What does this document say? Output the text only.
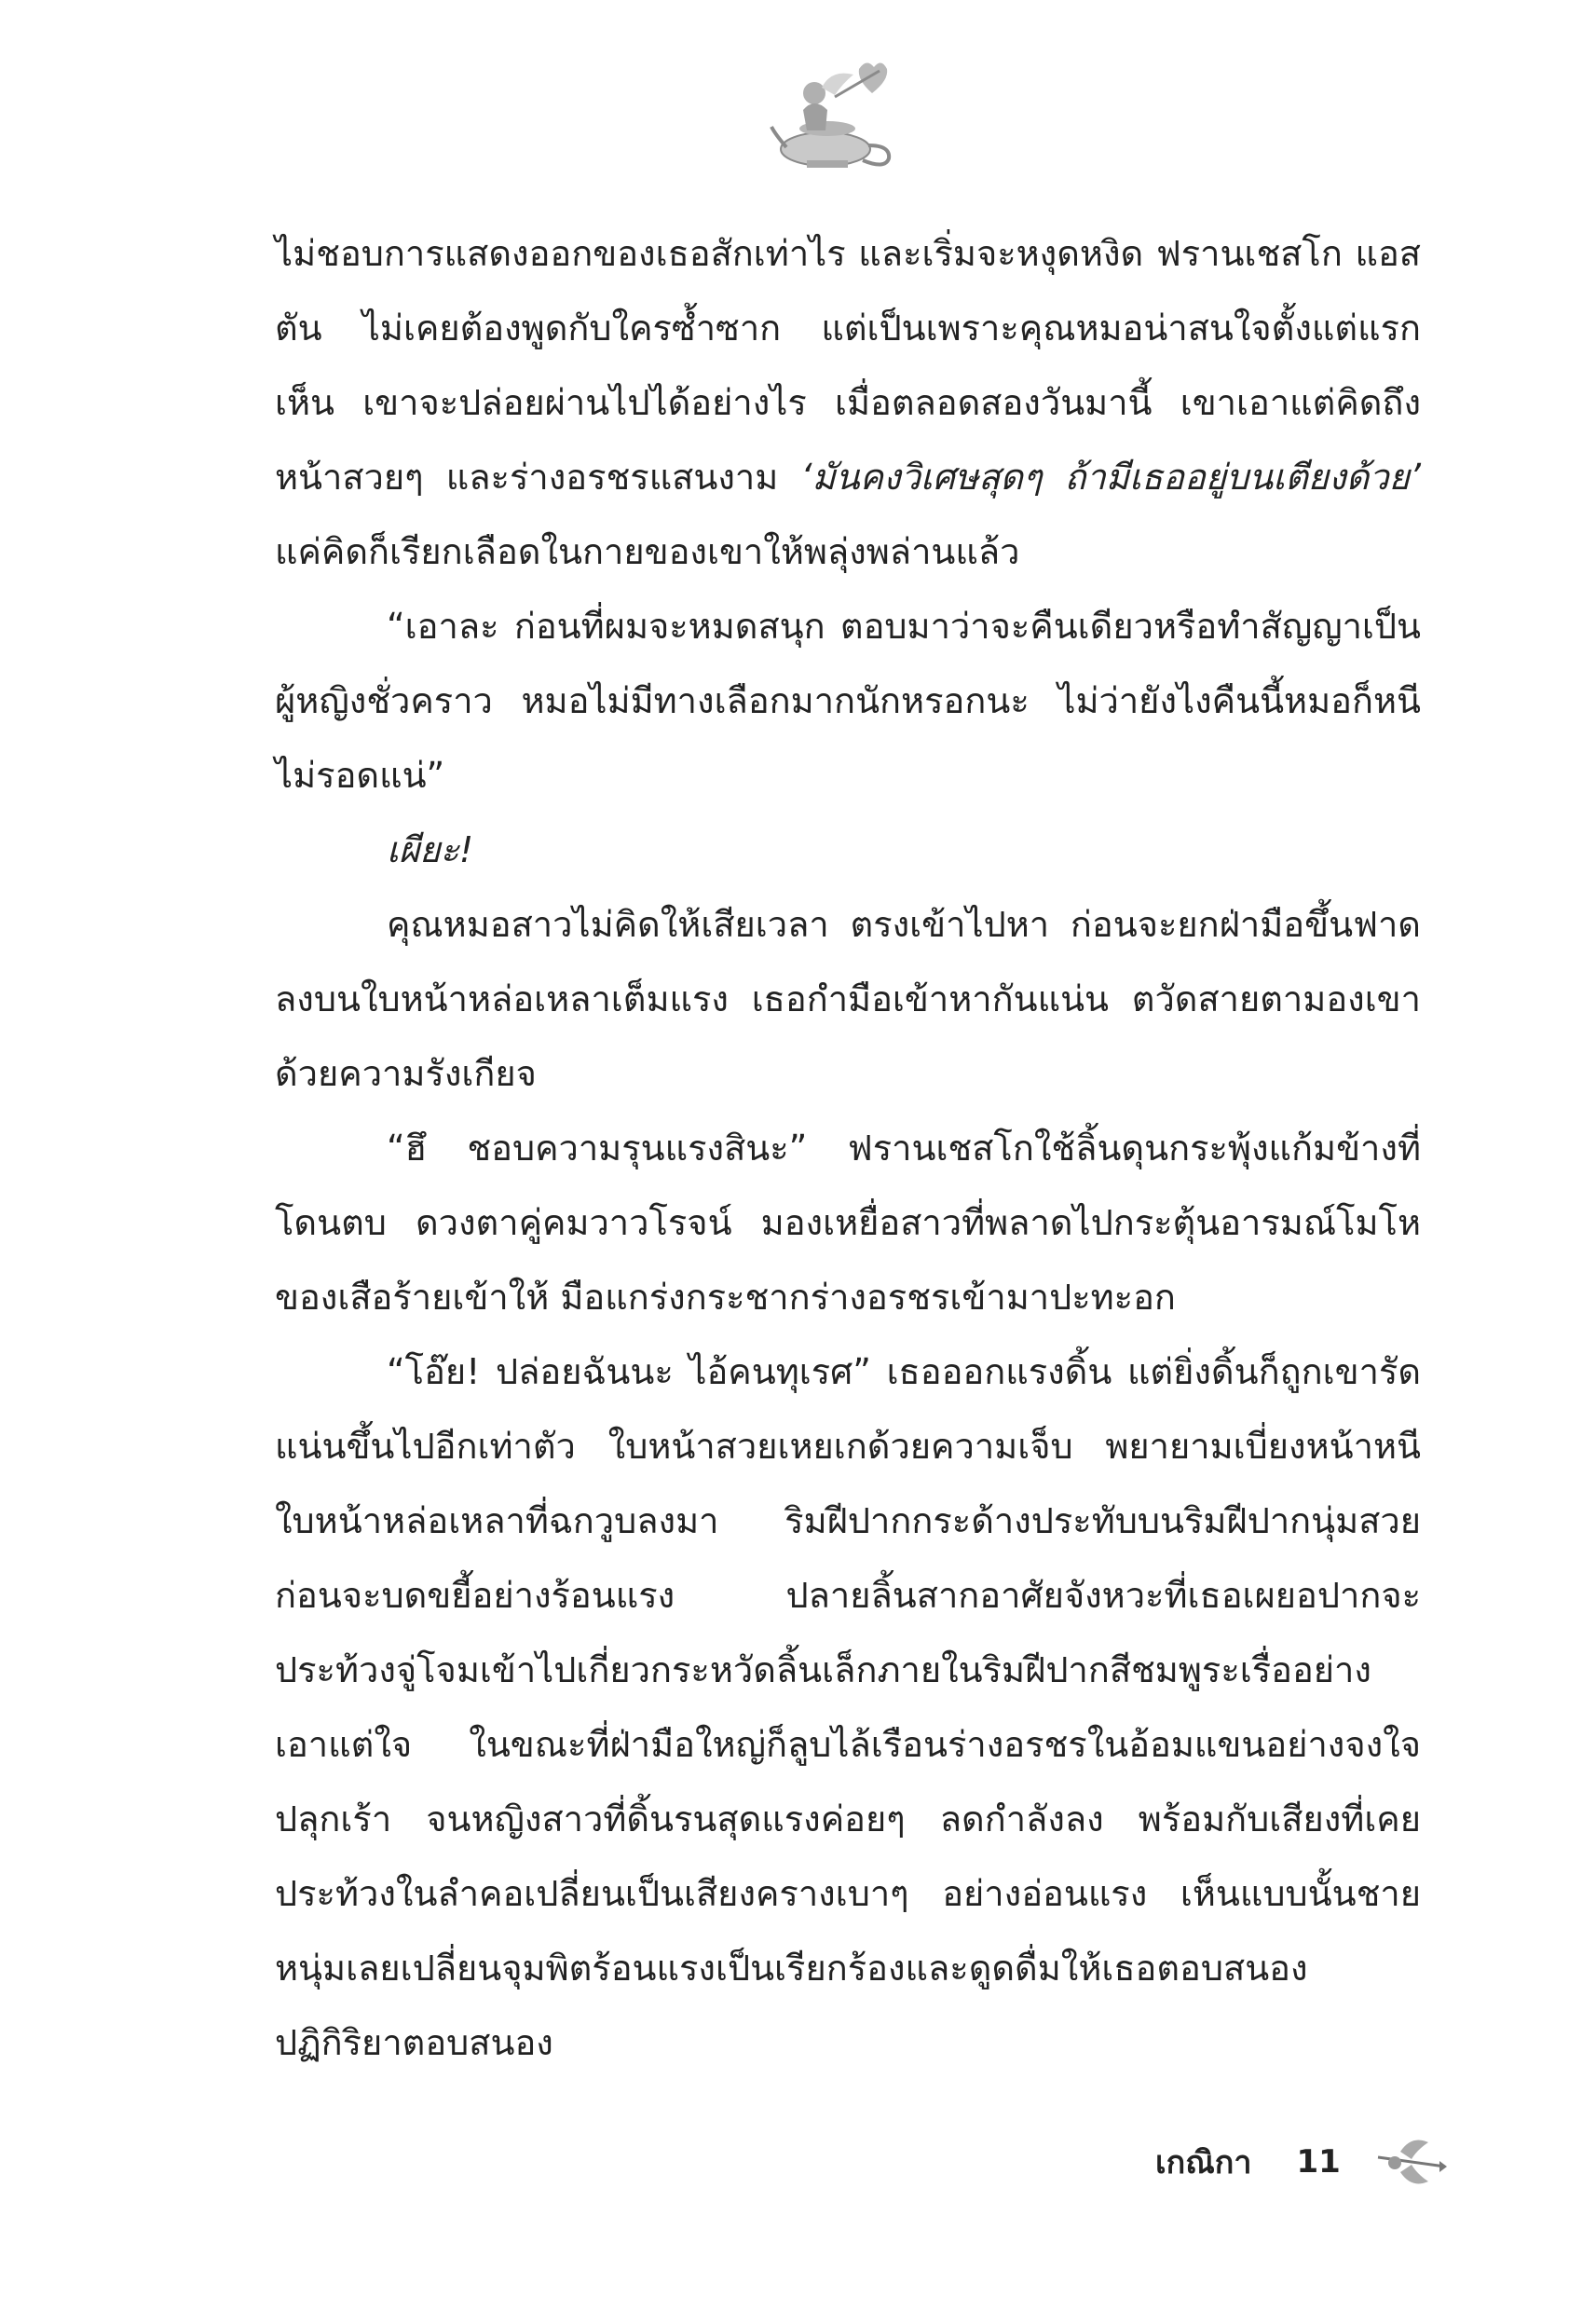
ไม่ชอบการแสดงออกของเธอสักเท่าไร และเริ่มจะหงุดหงิด ฟรานเชสโก แอสตัน ไม่เคยต้องพูดกับใครซ้ำซาก แต่เป็นเพราะคุณหมอน่าสนใจตั้งแต่แรกเห็น เขาจะปล่อยผ่านไปได้อย่างไร เมื่อตลอดสองวันมานี้ เขาเอาแต่คิดถึงหน้าสวยๆ และร่างอรชรแสนงาม ‘มันคงวิเศษสุดๆ ถ้ามีเธออยู่บนเตียงด้วย’ แค่คิดก็เรียกเลือดในกายของเขาให้พลุ่งพล่านแล้ว

“เอาละ ก่อนที่ผมจะหมดสนุก ตอบมาว่าจะคืนเดียวหรือทำสัญญาเป็นผู้หญิงชั่วคราว หมอไม่มีทางเลือกมากนักหรอกนะ ไม่ว่ายังไงคืนนี้หมอก็หนีไม่รอดแน่”

เผียะ!

คุณหมอสาวไม่คิดให้เสียเวลา ตรงเข้าไปหา ก่อนจะยกฝ่ามือขึ้นฟาดลงบนใบหน้าหล่อเหลาเต็มแรง เธอกำมือเข้าหากันแน่น ตวัดสายตามองเขาด้วยความรังเกียจ

“ฮึ ชอบความรุนแรงสินะ” ฟรานเชสโกใช้ลิ้นดุนกระพุ้งแก้มข้างที่โดนตบ ดวงตาคู่คมวาวโรจน์ มองเหยื่อสาวที่พลาดไปกระตุ้นอารมณ์โมโหของเสือร้ายเข้าให้ มือแกร่งกระชากร่างอรชรเข้ามาปะทะอก

“โอ๊ย! ปล่อยฉันนะ ไอ้คนทุเรศ” เธอออกแรงดิ้น แต่ยิ่งดิ้นก็ถูกเขารัดแน่นขึ้นไปอีกเท่าตัว ใบหน้าสวยเหยเกด้วยความเจ็บ พยายามเบี่ยงหน้าหนี ใบหน้าหล่อเหลาที่ฉกวูบลงมา ริมฝีปากกระด้างประทับบนริมฝีปากนุ่มสวย ก่อนจะบดขยี้อย่างร้อนแรง ปลายลิ้นสากอาศัยจังหวะที่เธอเผยอปากจะประท้วงจู่โจมเข้าไปเกี่ยวกระหวัดลิ้นเล็กภายในริมฝีปากสีชมพูระเรื่ออย่างเอาแต่ใจ ในขณะที่ฝ่ามือใหญ่ก็ลูบไล้เรือนร่างอรชรในอ้อมแขนอย่างจงใจปลุกเร้า จนหญิงสาวที่ดิ้นรนสุดแรงค่อยๆ ลดกำลังลง พร้อมกับเสียงที่เคยประท้วงในลำคอเปลี่ยนเป็นเสียงครางเบาๆ อย่างอ่อนแรง เห็นแบบนั้นชายหนุ่มเลยเปลี่ยนจุมพิตร้อนแรงเป็นเรียกร้องและดูดดื่มให้เธอตอบสนอง ปฏิกิริยาตอบสนอง

เกณิกา 11
